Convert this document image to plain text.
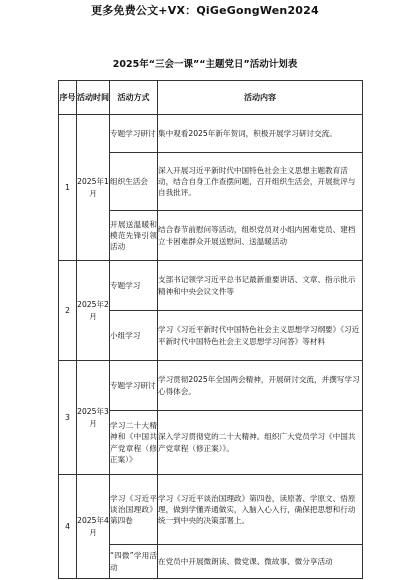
更多免费公文+VX：QiGeGongWen2024
2025年“三会一课”“主题党日”活动计划表
序号	活动时间	活动方式	活动内容
1	2025年1月	专题学习研讨	集中观看2025年新年贺词，积极开展学习研讨交流。
		组织生活会	深入开展习近平新时代中国特色社会主义思想主题教育活动，结合自身工作查摆问题，召开组织生活会，开展批评与自我批评。
		开展送温暖和模范先锋引领活动	结合春节前慰问等活动，组织党员对小组内困难党员、建档立卡困难群众开展送慰问、送温暖活动
2	2025年2月	专题学习	支部书记领学习近平总书记最新重要讲话、文章、指示批示精神和中央会议文件等
		小组学习	学习《习近平新时代中国特色社会主义思想学习纲要》《习近平新时代中国特色社会主义思想学习问答》等材料
3	2025年3月	专题学习研讨	学习贯彻2025年全国两会精神，开展研讨交流，并撰写学习心得体会。
		学习二十大精神和《中国共产党章程（修正案）》	深入学习贯彻党的二十大精神。组织广大党员学习《中国共产党章程（修正案）》。
4	2025年4月	学习《习近平谈治国理政》第四卷	学习《习近平谈治国理政》第四卷，读原著、学原文、悟原理，做到学懂弄通做实，入脑入心入行，确保把思想和行动统一到中央的决策部署上。
		“四微”学用活动	在党员中开展微朗读、微党课、微故事、微分享活动
